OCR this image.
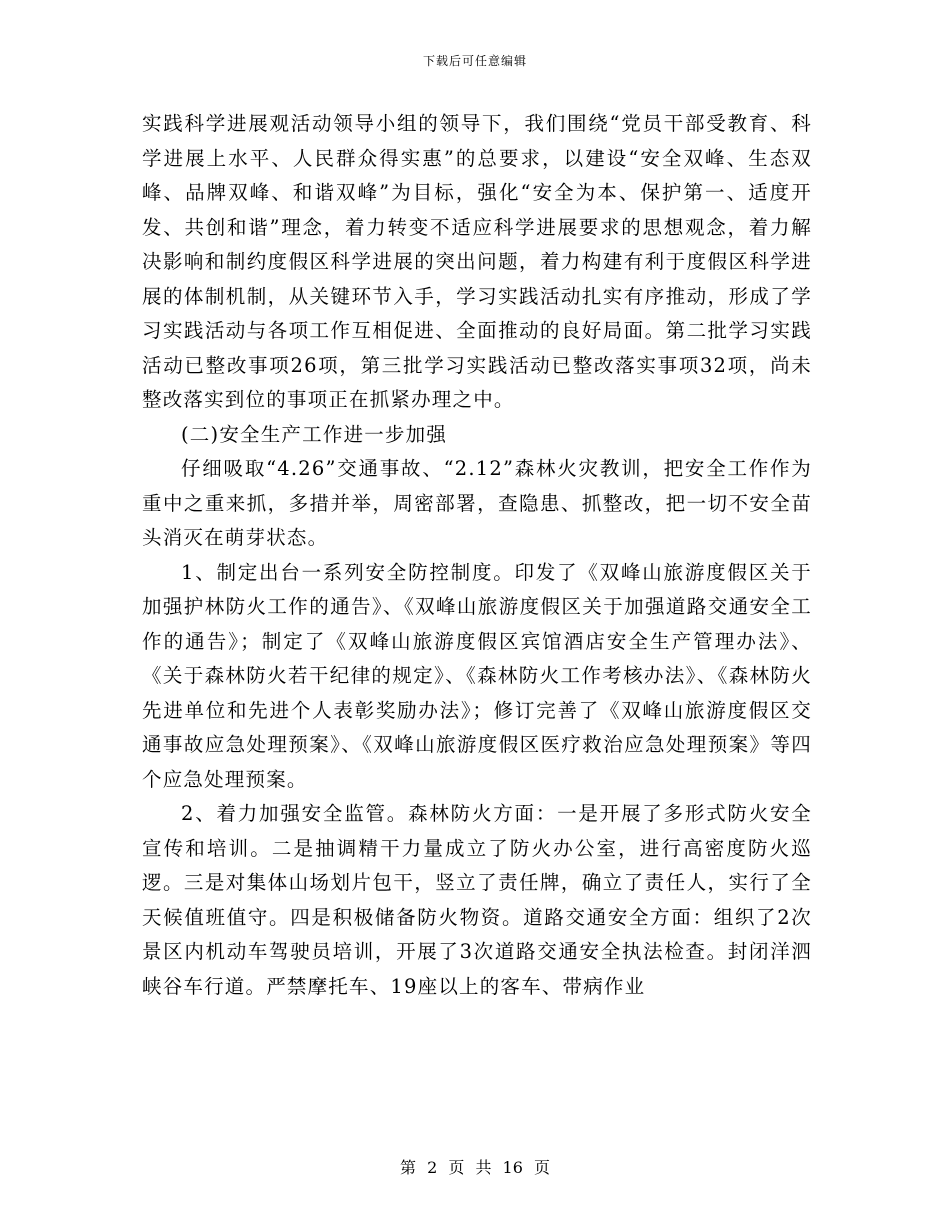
下载后可任意编辑

实践科学进展观活动领导小组的领导下，我们围绕“党员干部受教育、科学进展上水平、人民群众得实惠”的总要求，以建设“安全双峰、生态双峰、品牌双峰、和谐双峰”为目标，强化“安全为本、保护第一、适度开发、共创和谐”理念，着力转变不适应科学进展要求的思想观念，着力解决影响和制约度假区科学进展的突出问题，着力构建有利于度假区科学进展的体制机制，从关键环节入手，学习实践活动扎实有序推动，形成了学习实践活动与各项工作互相促进、全面推动的良好局面。第二批学习实践活动已整改事项26项，第三批学习实践活动已整改落实事项32项，尚未整改落实到位的事项正在抓紧办理之中。

(二)安全生产工作进一步加强

仔细吸取“4.26”交通事故、“2.12”森林火灾教训，把安全工作作为重中之重来抓，多措并举，周密部署，查隐患、抓整改，把一切不安全苗头消灭在萌芽状态。

1、制定出台一系列安全防控制度。印发了《双峰山旅游度假区关于加强护林防火工作的通告》、《双峰山旅游度假区关于加强道路交通安全工作的通告》；制定了《双峰山旅游度假区宾馆酒店安全生产管理办法》、《关于森林防火若干纪律的规定》、《森林防火工作考核办法》、《森林防火先进单位和先进个人表彰奖励办法》；修订完善了《双峰山旅游度假区交通事故应急处理预案》、《双峰山旅游度假区医疗救治应急处理预案》等四个应急处理预案。

2、着力加强安全监管。森林防火方面：一是开展了多形式防火安全宣传和培训。二是抽调精干力量成立了防火办公室，进行高密度防火巡逻。三是对集体山场划片包干，竖立了责任牌，确立了责任人，实行了全天候值班值守。四是积极储备防火物资。道路交通安全方面：组织了2次景区内机动车驾驶员培训，开展了3次道路交通安全执法检查。封闭洋泗峡谷车行道。严禁摩托车、19座以上的客车、带病作业

第 2 页 共 16 页
